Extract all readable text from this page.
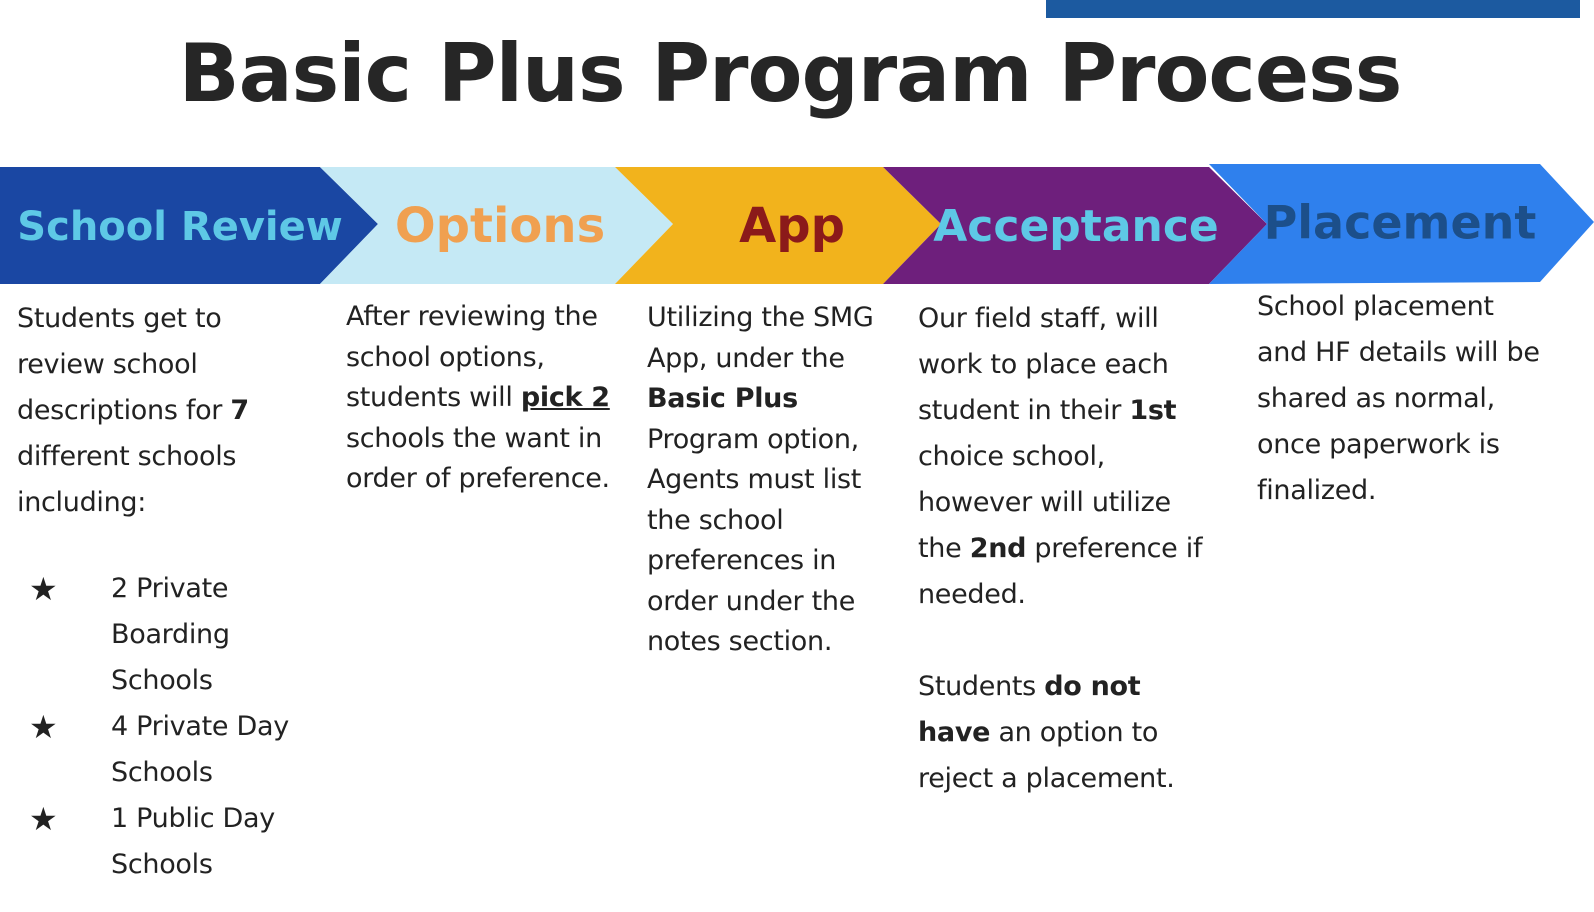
Basic Plus Program Process
School Review Options	App Acceptance Placement

Students get to review school descriptions for 7 different schools including:

★ 2 Private Boarding Schools
★ 4 Private Day Schools
★ 1 Public Day Schools

After reviewing the school options, students will pick 2 schools the want in order of preference.

Utilizing the SMG App, under the Basic Plus Program option, Agents must list the school preferences in order under the notes section.

Our field staff, will work to place each student in their 1st choice school, however will utilize the 2nd preference if needed.

Students do not have an option to reject a placement.

School placement and HF details will be shared as normal, once paperwork is finalized.
